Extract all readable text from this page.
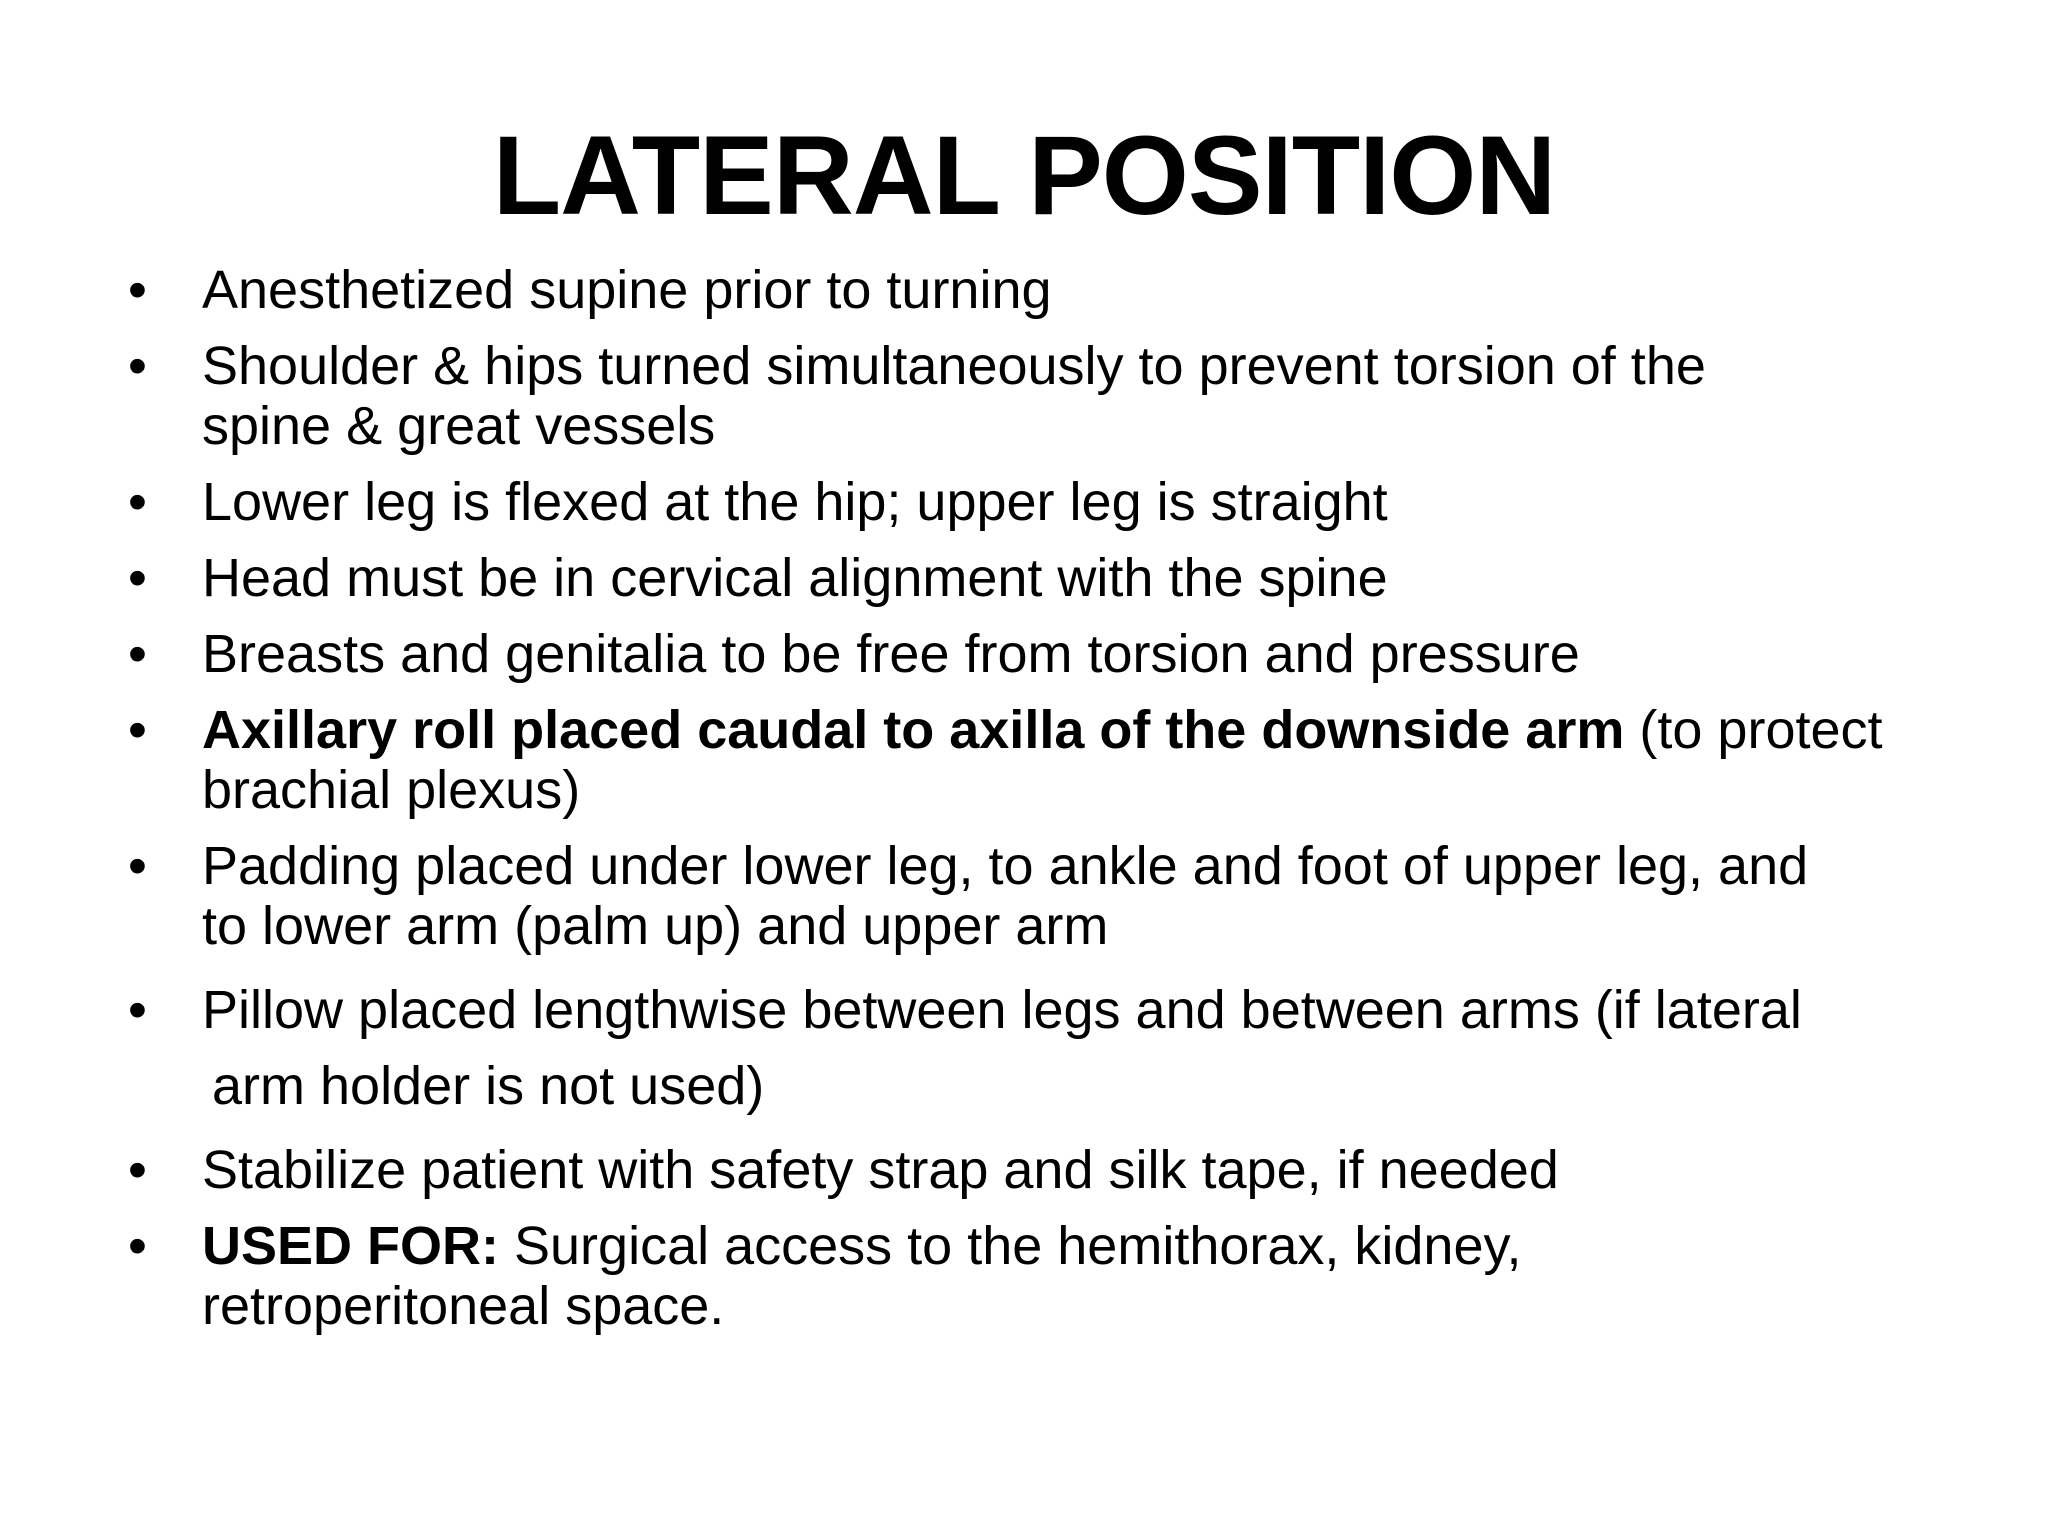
LATERAL POSITION
•	Anesthetized supine prior to turning
•	Shoulder & hips turned simultaneously to prevent torsion of the
spine & great vessels
•	Lower leg is flexed at the hip; upper leg is straight
•	Head must be in cervical alignment with the spine
•	Breasts and genitalia to be free from torsion and pressure
•	Axillary roll placed caudal to axilla of the downside arm (to protect
brachial plexus)
•	Padding placed under lower leg, to ankle and foot of upper leg, and
to lower arm (palm up) and upper arm
•	Pillow placed lengthwise between legs and between arms (if lateral
arm holder is not used)
•	Stabilize patient with safety strap and silk tape, if needed
•	USED FOR: Surgical access to the hemithorax, kidney,
retroperitoneal space.
